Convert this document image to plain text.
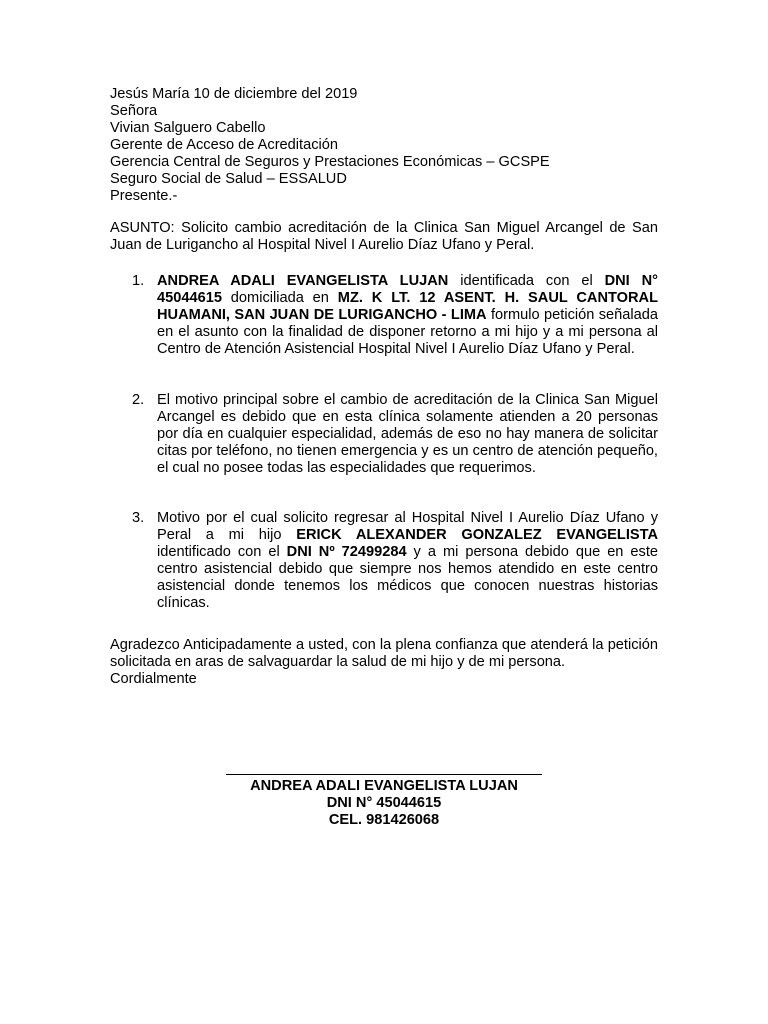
Jesús María 10 de diciembre del 2019
Señora
Vivian Salguero Cabello
Gerente de Acceso de Acreditación
Gerencia Central de Seguros y Prestaciones Económicas – GCSPE
Seguro Social de Salud – ESSALUD
Presente.-
ASUNTO: Solicito cambio acreditación de la Clinica San Miguel Arcangel de San Juan de Lurigancho al Hospital Nivel I Aurelio Díaz Ufano y Peral.
1. ANDREA ADALI EVANGELISTA LUJAN identificada con el DNI N° 45044615 domiciliada en MZ. K LT. 12 ASENT. H. SAUL CANTORAL HUAMANI, SAN JUAN DE LURIGANCHO - LIMA formulo petición señalada en el asunto con la finalidad de disponer retorno a mi hijo y a mi persona al Centro de Atención Asistencial Hospital Nivel I Aurelio Díaz Ufano y Peral.
2. El motivo principal sobre el cambio de acreditación de la Clinica San Miguel Arcangel es debido que en esta clínica solamente atienden a 20 personas por día en cualquier especialidad, además de eso no hay manera de solicitar citas por teléfono, no tienen emergencia y es un centro de atención pequeño, el cual no posee todas las especialidades que requerimos.
3. Motivo por el cual solicito regresar al Hospital Nivel I Aurelio Díaz Ufano y Peral a mi hijo ERICK ALEXANDER GONZALEZ EVANGELISTA identificado con el DNI Nº 72499284 y a mi persona debido que en este centro asistencial debido que siempre nos hemos atendido en este centro asistencial donde tenemos los médicos que conocen nuestras historias clínicas.
Agradezco Anticipadamente a usted, con la plena confianza que atenderá la petición solicitada en aras de salvaguardar la salud de mi hijo y de mi persona.
Cordialmente
ANDREA ADALI EVANGELISTA LUJAN
DNI N° 45044615
CEL. 981426068
